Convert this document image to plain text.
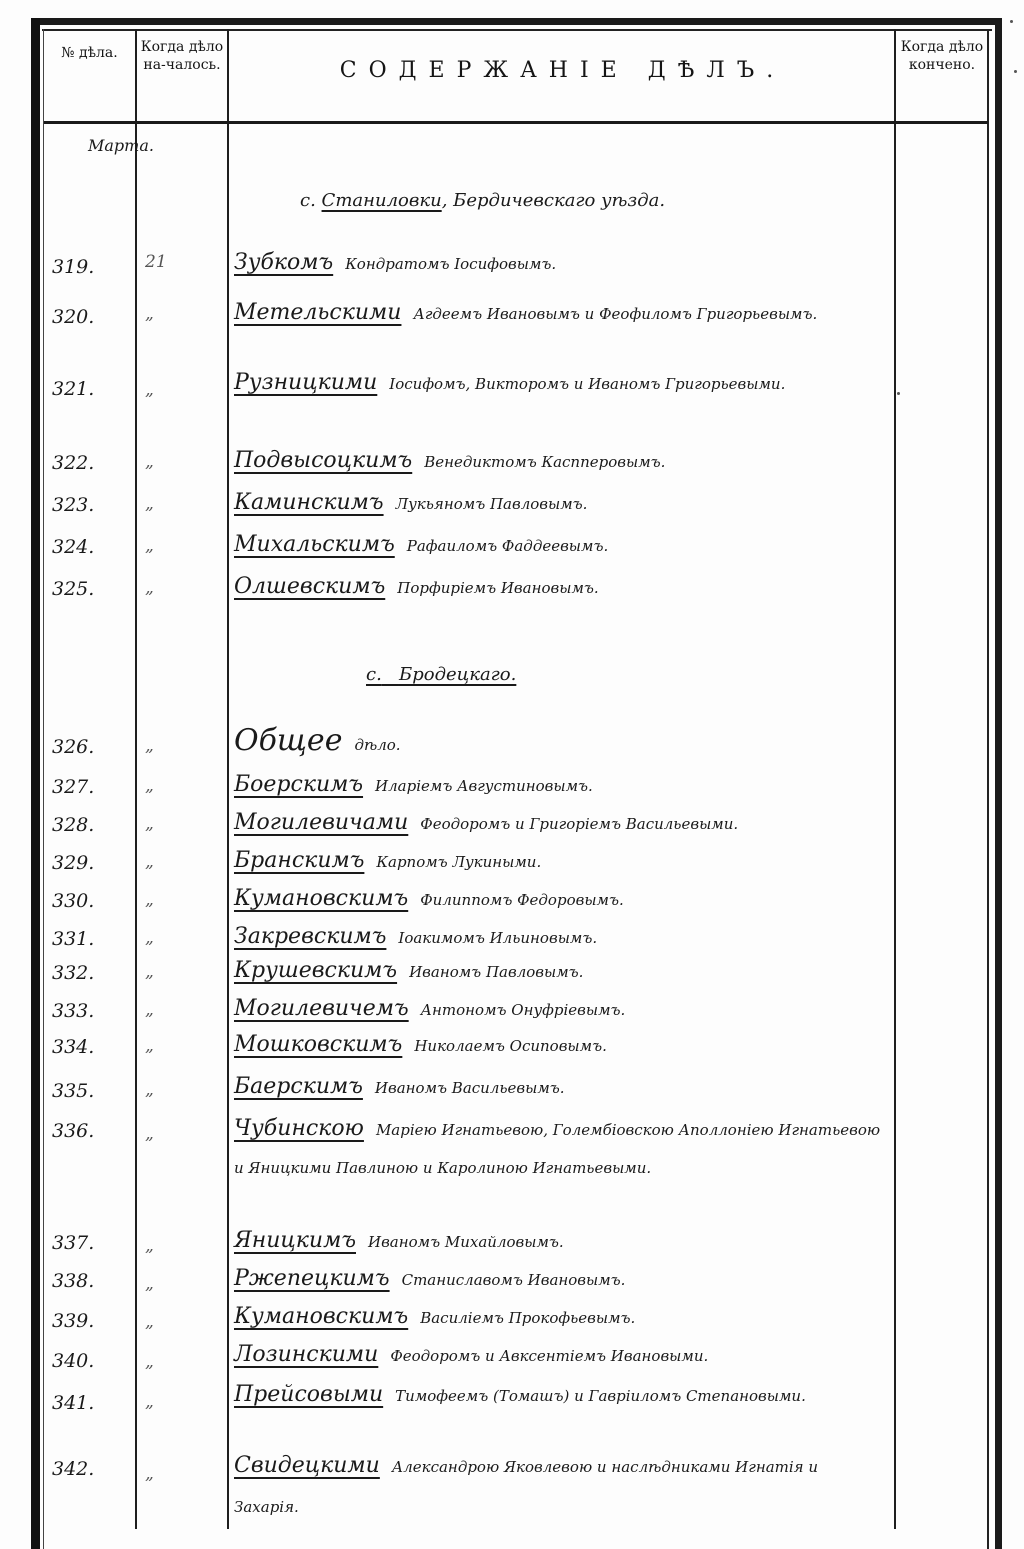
№ дѣла.	Когда дѣло на-чалось.	СОДЕРЖАНІЕ ДѢЛЪ.
Когда дѣло кончено.
Марта.
с. Станиловки, Бердичевскаго уѣзда.
319.	21	Зубкомъ Кондратомъ Іосифовымъ.
320.	„	Метельскими Агдеемъ Ивановымъ и Феофиломъ Григорьевымъ.
321.	„	Рузницкими Іосифомъ, Викторомъ и Иваномъ Григорьевыми.
322.	„	Подвысоцкимъ Венедиктомъ Каспперовымъ.
323.	„	Каминскимъ Лукьяномъ Павловымъ.
324.	„	Михальскимъ Рафаиломъ Фаддеевымъ.
325.	„	Олшевскимъ Порфиріемъ Ивановымъ.
с. Бродецкаго.
326.	„	Общее дѣло.
327.	„	Боерскимъ Иларіемъ Августиновымъ.
328.	„	Могилевичами Феодоромъ и Григоріемъ Васильевыми.
329.	„	Бранскимъ Карпомъ Лукиными.
330.	„	Кумановскимъ Филиппомъ Федоровымъ.
331.	„	Закревскимъ Іоакимомъ Ильиновымъ.
332.	„	Крушевскимъ Иваномъ Павловымъ.
333.	„	Могилевичемъ Антономъ Онуфріевымъ.
334.	„	Мошковскимъ Николаемъ Осиповымъ.
335.	„	Баерскимъ Иваномъ Васильевымъ.
336.	„	Чубинскою Маріею Игнатьевою, Голембіовскою Аполлоніею Игнатьевою и Яницкими Павлиною и Каролиною Игнатьевыми.
337.	„	Яницкимъ Иваномъ Михайловымъ.
338.	„	Ржепецкимъ Станиславомъ Ивановымъ.
339.	„	Кумановскимъ Василіемъ Прокофьевымъ.
340.	„	Лозинскими Феодоромъ и Авксентіемъ Ивановыми.
341.	„	Прейсовыми Тимофеемъ (Томашъ) и Гавріиломъ Степановыми.
342.	„	Свидецкими Александрою Яковлевою и наслѣдниками Игнатія и Захарія.
